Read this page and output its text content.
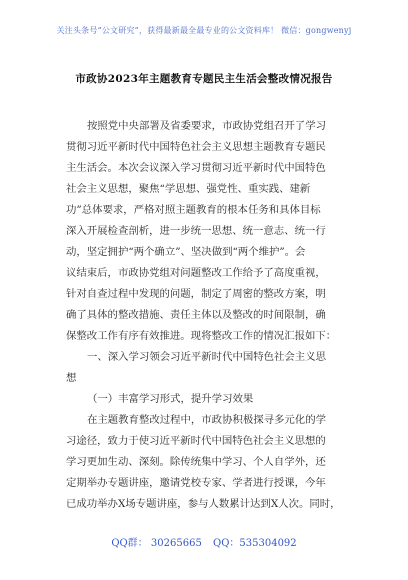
关注头条号“公文研究”，获得最新最全最专业的公文资料库！ 微信：gongwenyj
市政协2023年主题教育专题民主生活会整改情况报告
按照党中央部署及省委要求，市政协党组召开了学习
贯彻习近平新时代中国特色社会主义思想主题教育专题民
主生活会。本次会议深入学习贯彻习近平新时代中国特色
社会主义思想，聚焦“学思想、强党性、重实践、建新
功”总体要求，严格对照主题教育的根本任务和具体目标
深入开展检查剖析，进一步统一思想、统一意志、统一行
动，坚定拥护“两个确立”、坚决做到“两个维护”。会
议结束后，市政协党组对问题整改工作给予了高度重视，
针对自查过程中发现的问题，制定了周密的整改方案，明
确了具体的整改措施、责任主体以及整改的时间限制，确
保整改工作有序有效推进。现将整改工作的情况汇报如下：
一、深入学习领会习近平新时代中国特色社会主义思
想
（一）丰富学习形式，提升学习效果
在主题教育整改过程中，市政协积极探寻多元化的学
习途径，致力于使习近平新时代中国特色社会主义思想的
学习更加生动、深刻。除传统集中学习、个人自学外，还
定期举办专题讲座，邀请党校专家、学者进行授课，今年
已成功举办X场专题讲座，参与人数累计达到X人次。同时，
QQ群： 30265665 QQ：535304092
